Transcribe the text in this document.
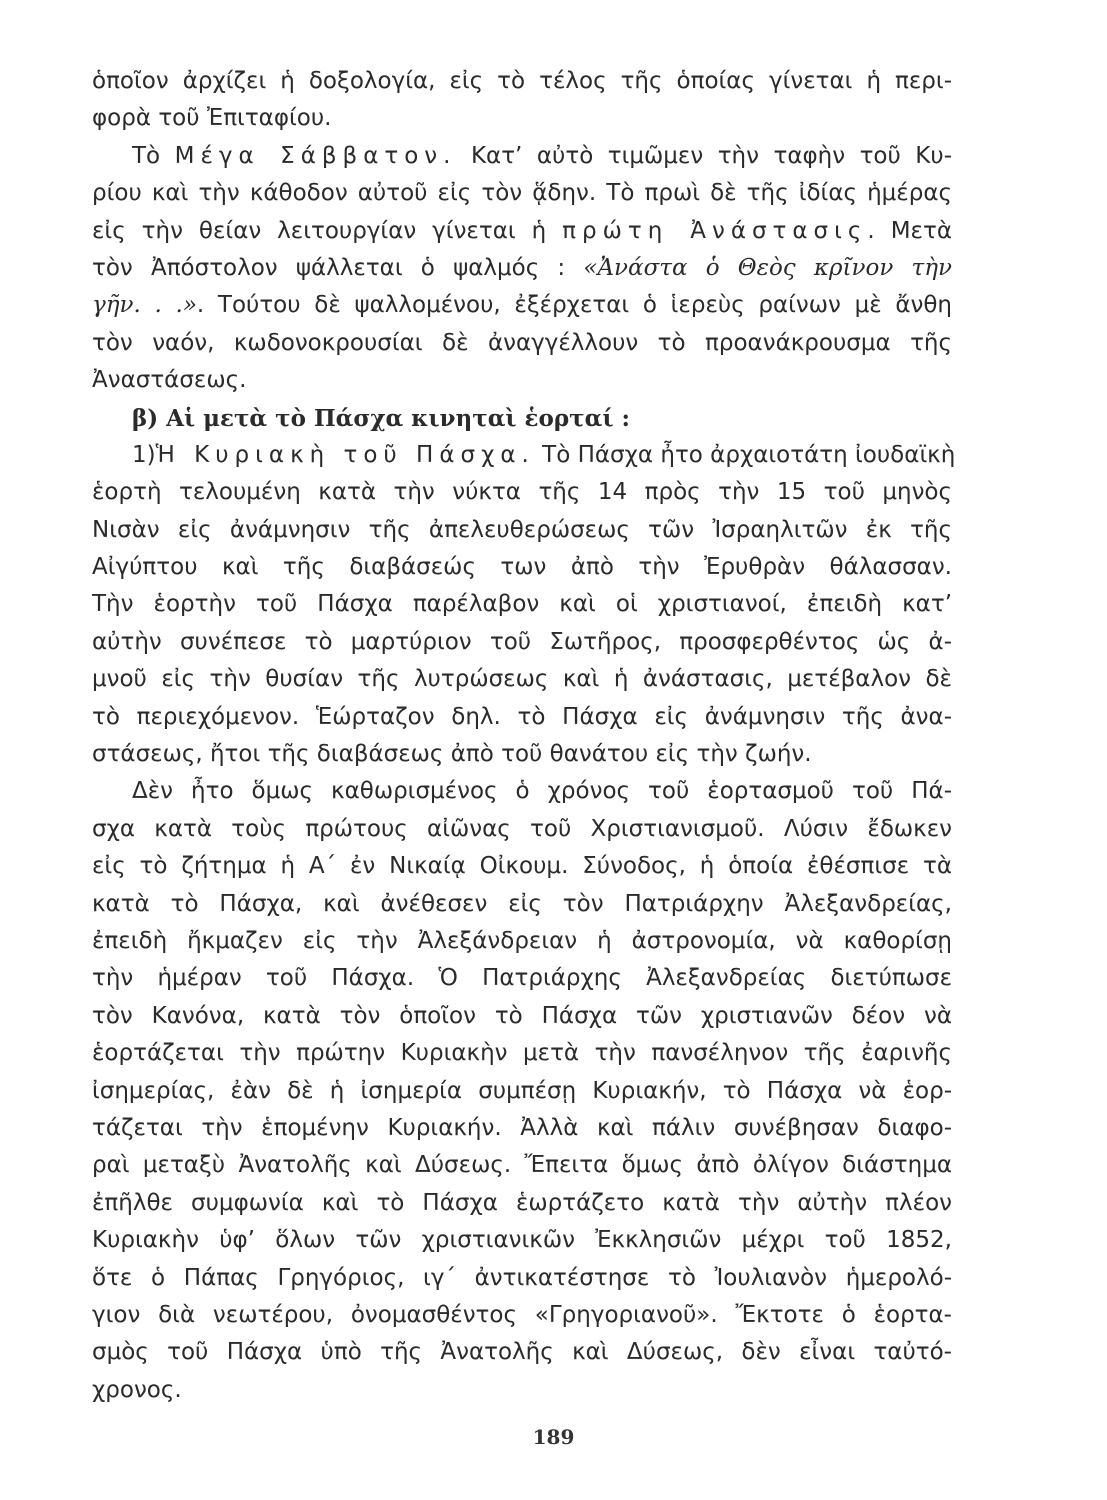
ὁποῖον ἀρχίζει ἡ δοξολογία, εἰς τὸ τέλος τῆς ὁποίας γίνεται ἡ περι-
φορὰ τοῦ Ἐπιταφίου.
Τὸ Μέγα Σάββατον. Κατ’ αὐτὸ τιμῶμεν τὴν ταφὴν τοῦ Κυ-
ρίου καὶ τὴν κάθοδον αὐτοῦ εἰς τὸν ᾅδην. Τὸ πρωὶ δὲ τῆς ἰδίας ἡμέρας
εἰς τὴν θείαν λειτουργίαν γίνεται ἡ πρώτη Ἀνάστασις. Μετὰ
τὸν Ἀπόστολον ψάλλεται ὁ ψαλμός : «Ἀνάστα ὁ Θεὸς κρῖνον τὴν
γῆν. . .». Τούτου δὲ ψαλλομένου, ἐξέρχεται ὁ ἱερεὺς ραίνων μὲ ἄνθη
τὸν ναόν, κωδονοκρουσίαι δὲ ἀναγγέλλουν τὸ προανάκρουσμα τῆς
Ἀναστάσεως.
β) Αἱ μετὰ τὸ Πάσχα κινηταὶ ἑορταί :
1)Ἡ Κυριακὴ τοῦ Πάσχα. Τὸ Πάσχα ἦτο ἀρχαιοτάτη ἰουδαϊκὴ
ἑορτὴ τελουμένη κατὰ τὴν νύκτα τῆς 14 πρὸς τὴν 15 τοῦ μηνὸς
Νισὰν εἰς ἀνάμνησιν τῆς ἀπελευθερώσεως τῶν Ἰσραηλιτῶν ἐκ τῆς
Αἰγύπτου καὶ τῆς διαβάσεώς των ἀπὸ τὴν Ἐρυθρὰν θάλασσαν.
Τὴν ἑορτὴν τοῦ Πάσχα παρέλαβον καὶ οἱ χριστιανοί, ἐπειδὴ κατ’
αὐτὴν συνέπεσε τὸ μαρτύριον τοῦ Σωτῆρος, προσφερθέντος ὡς ἀ-
μνοῦ εἰς τὴν θυσίαν τῆς λυτρώσεως καὶ ἡ ἀνάστασις, μετέβαλον δὲ
τὸ περιεχόμενον. Ἑώρταζον δηλ. τὸ Πάσχα εἰς ἀνάμνησιν τῆς ἀνα-
στάσεως, ἤτοι τῆς διαβάσεως ἀπὸ τοῦ θανάτου εἰς τὴν ζωήν.
Δὲν ἦτο ὅμως καθωρισμένος ὁ χρόνος τοῦ ἑορτασμοῦ τοῦ Πά-
σχα κατὰ τοὺς πρώτους αἰῶνας τοῦ Χριστιανισμοῦ. Λύσιν ἔδωκεν
εἰς τὸ ζήτημα ἡ Α΄ ἐν Νικαίᾳ Οἰκουμ. Σύνοδος, ἡ ὁποία ἐθέσπισε τὰ
κατὰ τὸ Πάσχα, καὶ ἀνέθεσεν εἰς τὸν Πατριάρχην Ἀλεξανδρείας,
ἐπειδὴ ἤκμαζεν εἰς τὴν Ἀλεξάνδρειαν ἡ ἀστρονομία, νὰ καθορίσῃ
τὴν ἡμέραν τοῦ Πάσχα. Ὁ Πατριάρχης Ἀλεξανδρείας διετύπωσε
τὸν Κανόνα, κατὰ τὸν ὁποῖον τὸ Πάσχα τῶν χριστιανῶν δέον νὰ
ἑορτάζεται τὴν πρώτην Κυριακὴν μετὰ τὴν πανσέληνον τῆς ἐαρινῆς
ἰσημερίας, ἐὰν δὲ ἡ ἰσημερία συμπέσῃ Κυριακήν, τὸ Πάσχα νὰ ἑορ-
τάζεται τὴν ἑπομένην Κυριακήν. Ἀλλὰ καὶ πάλιν συνέβησαν διαφο-
ραὶ μεταξὺ Ἀνατολῆς καὶ Δύσεως. Ἔπειτα ὅμως ἀπὸ ὀλίγον διάστημα
ἐπῆλθε συμφωνία καὶ τὸ Πάσχα ἑωρτάζετο κατὰ τὴν αὐτὴν πλέον
Κυριακὴν ὑφ’ ὅλων τῶν χριστιανικῶν Ἐκκλησιῶν μέχρι τοῦ 1852,
ὅτε ὁ Πάπας Γρηγόριος, ιγ΄ ἀντικατέστησε τὸ Ἰουλιανὸν ἡμερολό-
γιον διὰ νεωτέρου, ὀνομασθέντος «Γρηγοριανοῦ». Ἔκτοτε ὁ ἑορτα-
σμὸς τοῦ Πάσχα ὑπὸ τῆς Ἀνατολῆς καὶ Δύσεως, δὲν εἶναι ταὐτό-
χρονος.
189
